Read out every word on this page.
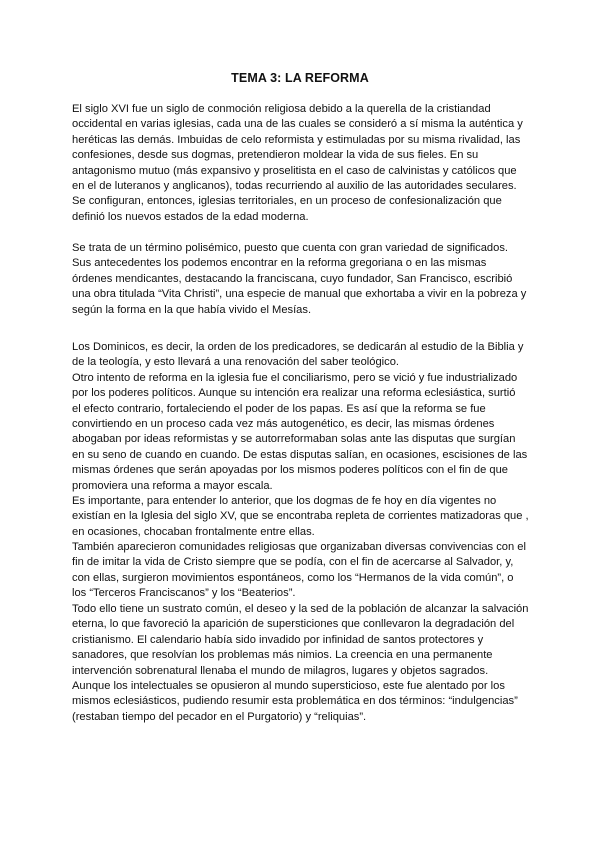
TEMA 3: LA REFORMA
El siglo XVI fue un siglo de conmoción religiosa debido a la querella de la cristiandad
occidental en varias iglesias, cada una de las cuales se consideró a sí misma la auténtica y
heréticas las demás. Imbuidas de celo reformista y estimuladas por su misma rivalidad, las
confesiones, desde sus dogmas, pretendieron moldear la vida de sus fieles. En su
antagonismo mutuo (más expansivo y proselitista en el caso de calvinistas y católicos que
en el de luteranos y anglicanos), todas recurriendo al auxilio de las autoridades seculares.
Se configuran, entonces, iglesias territoriales, en un proceso de confesionalización que
definió los nuevos estados de la edad moderna.
Se trata de un término polisémico, puesto que cuenta con gran variedad de significados.
Sus antecedentes los podemos encontrar en la reforma gregoriana o en las mismas
órdenes mendicantes, destacando la franciscana, cuyo fundador, San Francisco, escribió
una obra titulada “Vita Christi”, una especie de manual que exhortaba a vivir en la pobreza y
según la forma en la que había vivido el Mesías.
Los Dominicos, es decir, la orden de los predicadores, se dedicarán al estudio de la Biblia y
de la teología, y esto llevará a una renovación del saber teológico.
Otro intento de reforma en la iglesia fue el conciliarismo, pero se vició y fue industrializado
por los poderes políticos. Aunque su intención era realizar una reforma eclesiástica, surtió
el efecto contrario, fortaleciendo el poder de los papas. Es así que la reforma se fue
convirtiendo en un proceso cada vez más autogenético, es decir, las mismas órdenes
abogaban por ideas reformistas y se autorreformaban solas ante las disputas que surgían
en su seno de cuando en cuando. De estas disputas salían, en ocasiones, escisiones de las
mismas órdenes que serán apoyadas por los mismos poderes políticos con el fin de que
promoviera una reforma a mayor escala.
Es importante, para entender lo anterior, que los dogmas de fe hoy en día vigentes no
existían en la Iglesia del siglo XV, que se encontraba repleta de corrientes matizadoras que ,
en ocasiones, chocaban frontalmente entre ellas.
También aparecieron comunidades religiosas que organizaban diversas convivencias con el
fin de imitar la vida de Cristo siempre que se podía, con el fin de acercarse al Salvador, y,
con ellas, surgieron movimientos espontáneos, como los “Hermanos de la vida común”, o
los “Terceros Franciscanos” y los “Beaterios”.
Todo ello tiene un sustrato común, el deseo y la sed de la población de alcanzar la salvación
eterna, lo que favoreció la aparición de supersticiones que conllevaron la degradación del
cristianismo. El calendario había sido invadido por infinidad de santos protectores y
sanadores, que resolvían los problemas más nimios. La creencia en una permanente
intervención sobrenatural llenaba el mundo de milagros, lugares y objetos sagrados.
Aunque los intelectuales se opusieron al mundo supersticioso, este fue alentado por los
mismos eclesiásticos, pudiendo resumir esta problemática en dos términos: “indulgencias”
(restaban tiempo del pecador en el Purgatorio) y “reliquias”.
